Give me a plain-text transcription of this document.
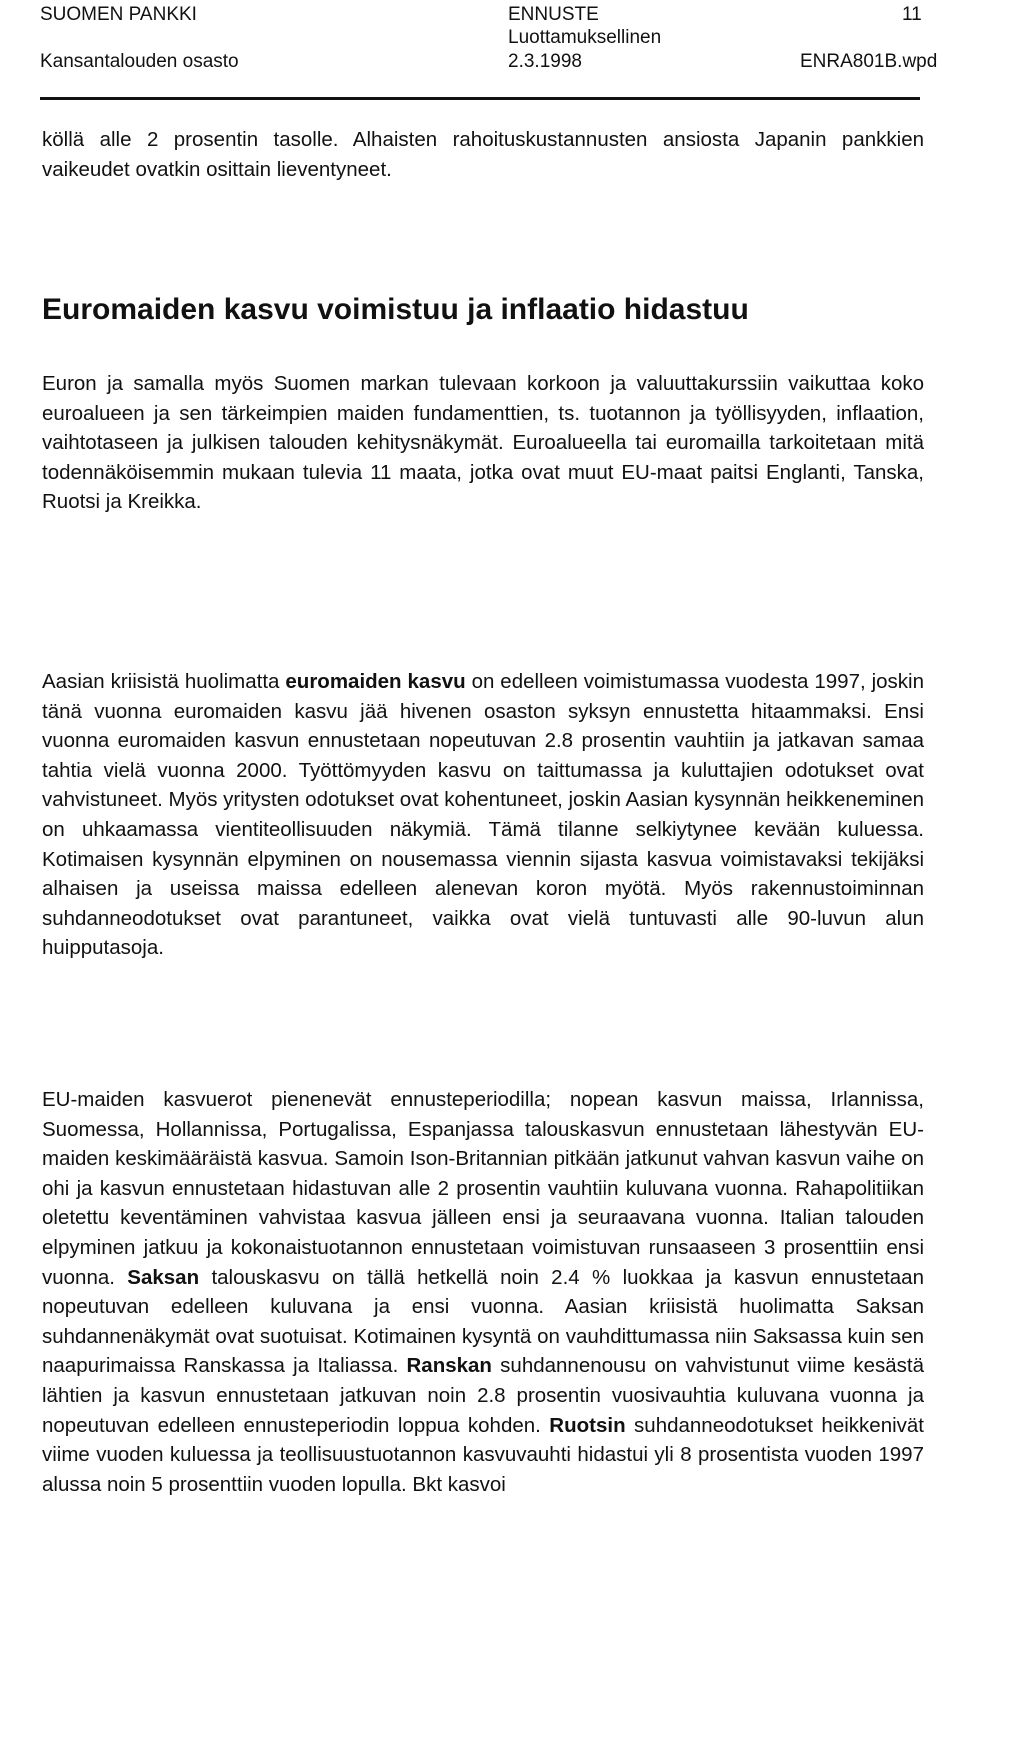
SUOMEN PANKKI
Kansantalouden osasto
ENNUSTE
Luottamuksellinen
2.3.1998
11
ENRA801B.wpd

köllä alle 2 prosentin tasolle. Alhaisten rahoituskustannusten ansiosta Japanin pankkien vaikeudet ovatkin osittain lieventyneet.

Euromaiden kasvu voimistuu ja inflaatio hidastuu

Euron ja samalla myös Suomen markan tulevaan korkoon ja valuuttakurssiin vaikuttaa koko euroalueen ja sen tärkeimpien maiden fundamenttien, ts. tuotannon ja työllisyyden, inflaation, vaihtotaseen ja julkisen talouden kehitysnäkymät. Euroalueella tai euromailla tarkoitetaan mitä todennäköisemmin mukaan tulevia 11 maata, jotka ovat muut EU-maat paitsi Englanti, Tanska, Ruotsi ja Kreikka.

Aasian kriisistä huolimatta euromaiden kasvu on edelleen voimistumassa vuodesta 1997, joskin tänä vuonna euromaiden kasvu jää hivenen osaston syksyn ennustetta hitaammaksi. Ensi vuonna euromaiden kasvun ennustetaan nopeutuvan 2.8 prosentin vauhtiin ja jatkavan samaa tahtia vielä vuonna 2000. Työttömyyden kasvu on taittumassa ja kuluttajien odotukset ovat vahvistuneet. Myös yritysten odotukset ovat kohentuneet, joskin Aasian kysynnän heikkeneminen on uhkaamassa vientiteollisuuden näkymiä. Tämä tilanne selkiytynee kevään kuluessa. Kotimaisen kysynnän elpyminen on nousemassa viennin sijasta kasvua voimistavaksi tekijäksi alhaisen ja useissa maissa edelleen alenevan koron myötä. Myös rakennustoiminnan suhdanneodotukset ovat parantuneet, vaikka ovat vielä tuntuvasti alle 90-luvun alun huipputasoja.

EU-maiden kasvuerot pienenevät ennusteperiodilla; nopean kasvun maissa, Irlannissa, Suomessa, Hollannissa, Portugalissa, Espanjassa talouskasvun ennustetaan lähestyvän EU-maiden keskimääräistä kasvua. Samoin Ison-Britannian pitkään jatkunut vahvan kasvun vaihe on ohi ja kasvun ennustetaan hidastuvan alle 2 prosentin vauhtiin kuluvana vuonna. Rahapolitiikan oletettu keventäminen vahvistaa kasvua jälleen ensi ja seuraavana vuonna. Italian talouden elpyminen jatkuu ja kokonaistuotannon ennustetaan voimistuvan runsaaseen 3 prosenttiin ensi vuonna. Saksan talouskasvu on tällä hetkellä noin 2.4 % luokkaa ja kasvun ennustetaan nopeutuvan edelleen kuluvana ja ensi vuonna. Aasian kriisistä huolimatta Saksan suhdannenäkymät ovat suotuisat. Kotimainen kysyntä on vauhdittumassa niin Saksassa kuin sen naapurimaissa Ranskassa ja Italiassa. Ranskan suhdannenousu on vahvistunut viime kesästä lähtien ja kasvun ennustetaan jatkuvan noin 2.8 prosentin vuosivauhtia kuluvana vuonna ja nopeutuvan edelleen ennusteperiodin loppua kohden. Ruotsin suhdanneodotukset heikkenivät viime vuoden kuluessa ja teollisuustuotannon kasvuvauhti hidastui yli 8 prosentista vuoden 1997 alussa noin 5 prosenttiin vuoden lopulla. Bkt kasvoi
